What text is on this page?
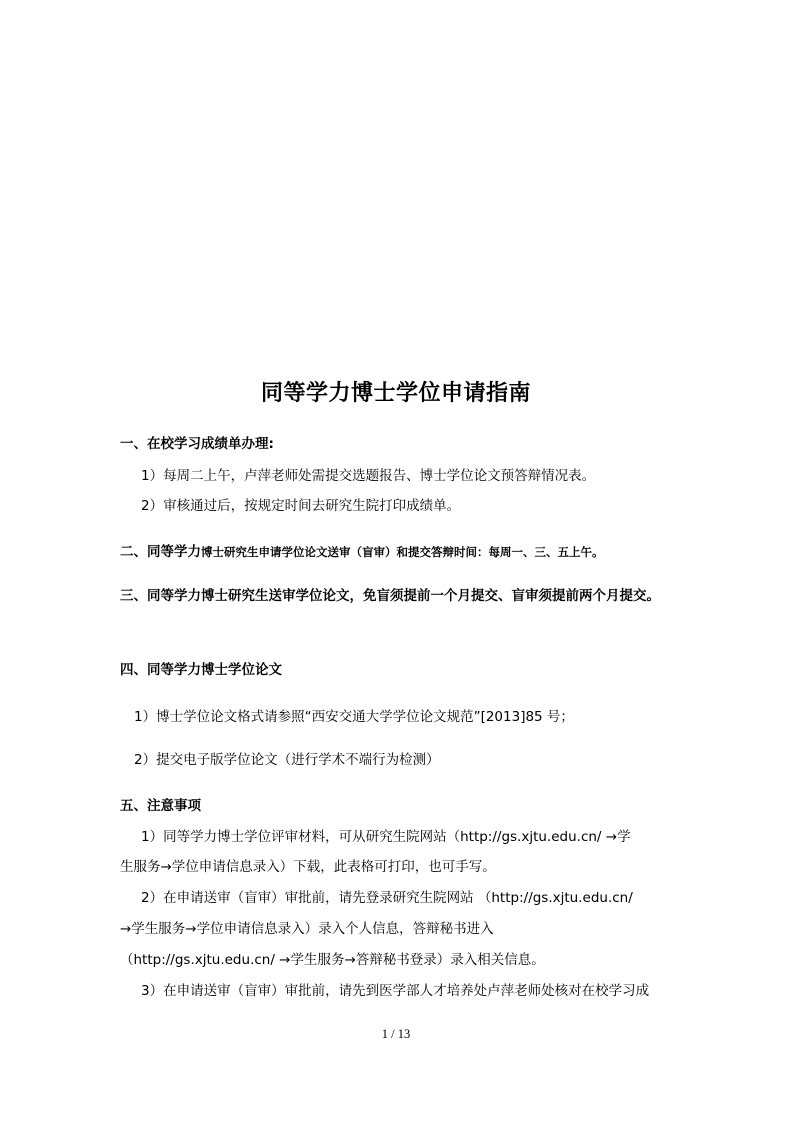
同等学力博士学位申请指南
一、在校学习成绩单办理:
1）每周二上午，卢萍老师处需提交选题报告、博士学位论文预答辩情况表。
2）审核通过后，按规定时间去研究生院打印成绩单。
二、同等学力博士研究生申请学位论文送审（盲审）和提交答辩时间：每周一、三、五上午。
三、同等学力博士研究生送审学位论文，免盲须提前一个月提交、盲审须提前两个月提交。
四、同等学力博士学位论文
1）博士学位论文格式请参照“西安交通大学学位论文规范”[2013]85 号；
2）提交电子版学位论文（进行学术不端行为检测）
五、注意事项
1）同等学力博士学位评审材料，可从研究生院网站（http://gs.xjtu.edu.cn/ →学
生服务→学位申请信息录入）下载，此表格可打印，也可手写。
2）在申请送审（盲审）审批前，请先登录研究生院网站 （http://gs.xjtu.edu.cn/
→学生服务→学位申请信息录入）录入个人信息，答辩秘书进入
（http://gs.xjtu.edu.cn/ →学生服务→答辩秘书登录）录入相关信息。
3）在申请送审（盲审）审批前，请先到医学部人才培养处卢萍老师处核对在校学习成
1 / 13
